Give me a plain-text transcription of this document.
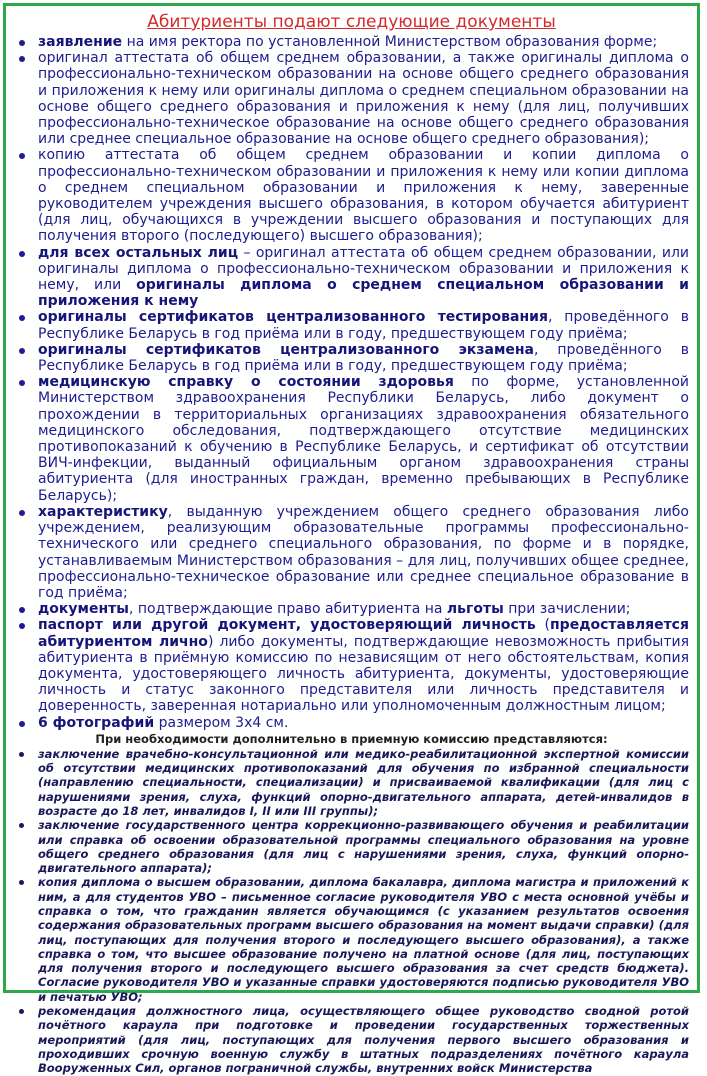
Абитуриенты подают следующие документы
заявление на имя ректора по установленной Министерством образования форме;
оригинал аттестата об общем среднем образовании, а также оригиналы диплома о профессионально-техническом образовании на основе общего среднего образования и приложения к нему или оригиналы диплома о среднем специальном образовании на основе общего среднего образования и приложения к нему (для лиц, получивших профессионально-техническое образование на основе общего среднего образования или среднее специальное образование на основе общего среднего образования);
копию аттестата об общем среднем образовании и копии диплома о профессионально-техническом образовании и приложения к нему или копии диплома о среднем специальном образовании и приложения к нему, заверенные руководителем учреждения высшего образования, в котором обучается абитуриент (для лиц, обучающихся в учреждении высшего образования и поступающих для получения второго (последующего) высшего образования);
для всех остальных лиц – оригинал аттестата об общем среднем образовании, или оригиналы диплома о профессионально-техническом образовании и приложения к нему, или оригиналы диплома о среднем специальном образовании и приложения к нему
оригиналы сертификатов централизованного тестирования, проведённого в Республике Беларусь в год приёма или в году, предшествующем году приёма;
оригиналы сертификатов централизованного экзамена, проведённого в Республике Беларусь в год приёма или в году, предшествующем году приёма;
медицинскую справку о состоянии здоровья по форме, установленной Министерством здравоохранения Республики Беларусь, либо документ о прохождении в территориальных организациях здравоохранения обязательного медицинского обследования, подтверждающего отсутствие медицинских противопоказаний к обучению в Республике Беларусь, и сертификат об отсутствии ВИЧ-инфекции, выданный официальным органом здравоохранения страны абитуриента (для иностранных граждан, временно пребывающих в Республике Беларусь);
характеристику, выданную учреждением общего среднего образования либо учреждением, реализующим образовательные программы профессионально-технического или среднего специального образования, по форме и в порядке, устанавливаемым Министерством образования – для лиц, получивших общее среднее, профессионально-техническое образование или среднее специальное образование в год приёма;
документы, подтверждающие право абитуриента на льготы при зачислении;
паспорт или другой документ, удостоверяющий личность (предоставляется абитуриентом лично) либо документы, подтверждающие невозможность прибытия абитуриента в приёмную комиссию по независящим от него обстоятельствам, копия документа, удостоверяющего личность абитуриента, документы, удостоверяющие личность и статус законного представителя или личность представителя и доверенность, заверенная нотариально или уполномоченным должностным лицом;
6 фотографий размером 3х4 см.
При необходимости дополнительно в приемную комиссию представляются:
заключение врачебно-консультационной или медико-реабилитационной экспертной комиссии об отсутствии медицинских противопоказаний для обучения по избранной специальности (направлению специальности, специализации) и присваиваемой квалификации (для лиц с нарушениями зрения, слуха, функций опорно-двигательного аппарата, детей-инвалидов в возрасте до 18 лет, инвалидов I, II или III группы);
заключение государственного центра коррекционно-развивающего обучения и реабилитации или справка об освоении образовательной программы специального образования на уровне общего среднего образования (для лиц с нарушениями зрения, слуха, функций опорно-двигательного аппарата);
копия диплома о высшем образовании, диплома бакалавра, диплома магистра и приложений к ним, а для студентов УВО – письменное согласие руководителя УВО с места основной учёбы и справка о том, что гражданин является обучающимся (с указанием результатов освоения содержания образовательных программ высшего образования на момент выдачи справки) (для лиц, поступающих для получения второго и последующего высшего образования), а также справка о том, что высшее образование получено на платной основе (для лиц, поступающих для получения второго и последующего высшего образования за счет средств бюджета). Согласие руководителя УВО и указанные справки удостоверяются подписью руководителя УВО и печатью УВО;
рекомендация должностного лица, осуществляющего общее руководство сводной ротой почётного караула при подготовке и проведении государственных торжественных мероприятий (для лиц, поступающих для получения первого высшего образования и проходивших срочную военную службу в штатных подразделениях почётного караула Вооруженных Сил, органов пограничной службы, внутренних войск Министерства
